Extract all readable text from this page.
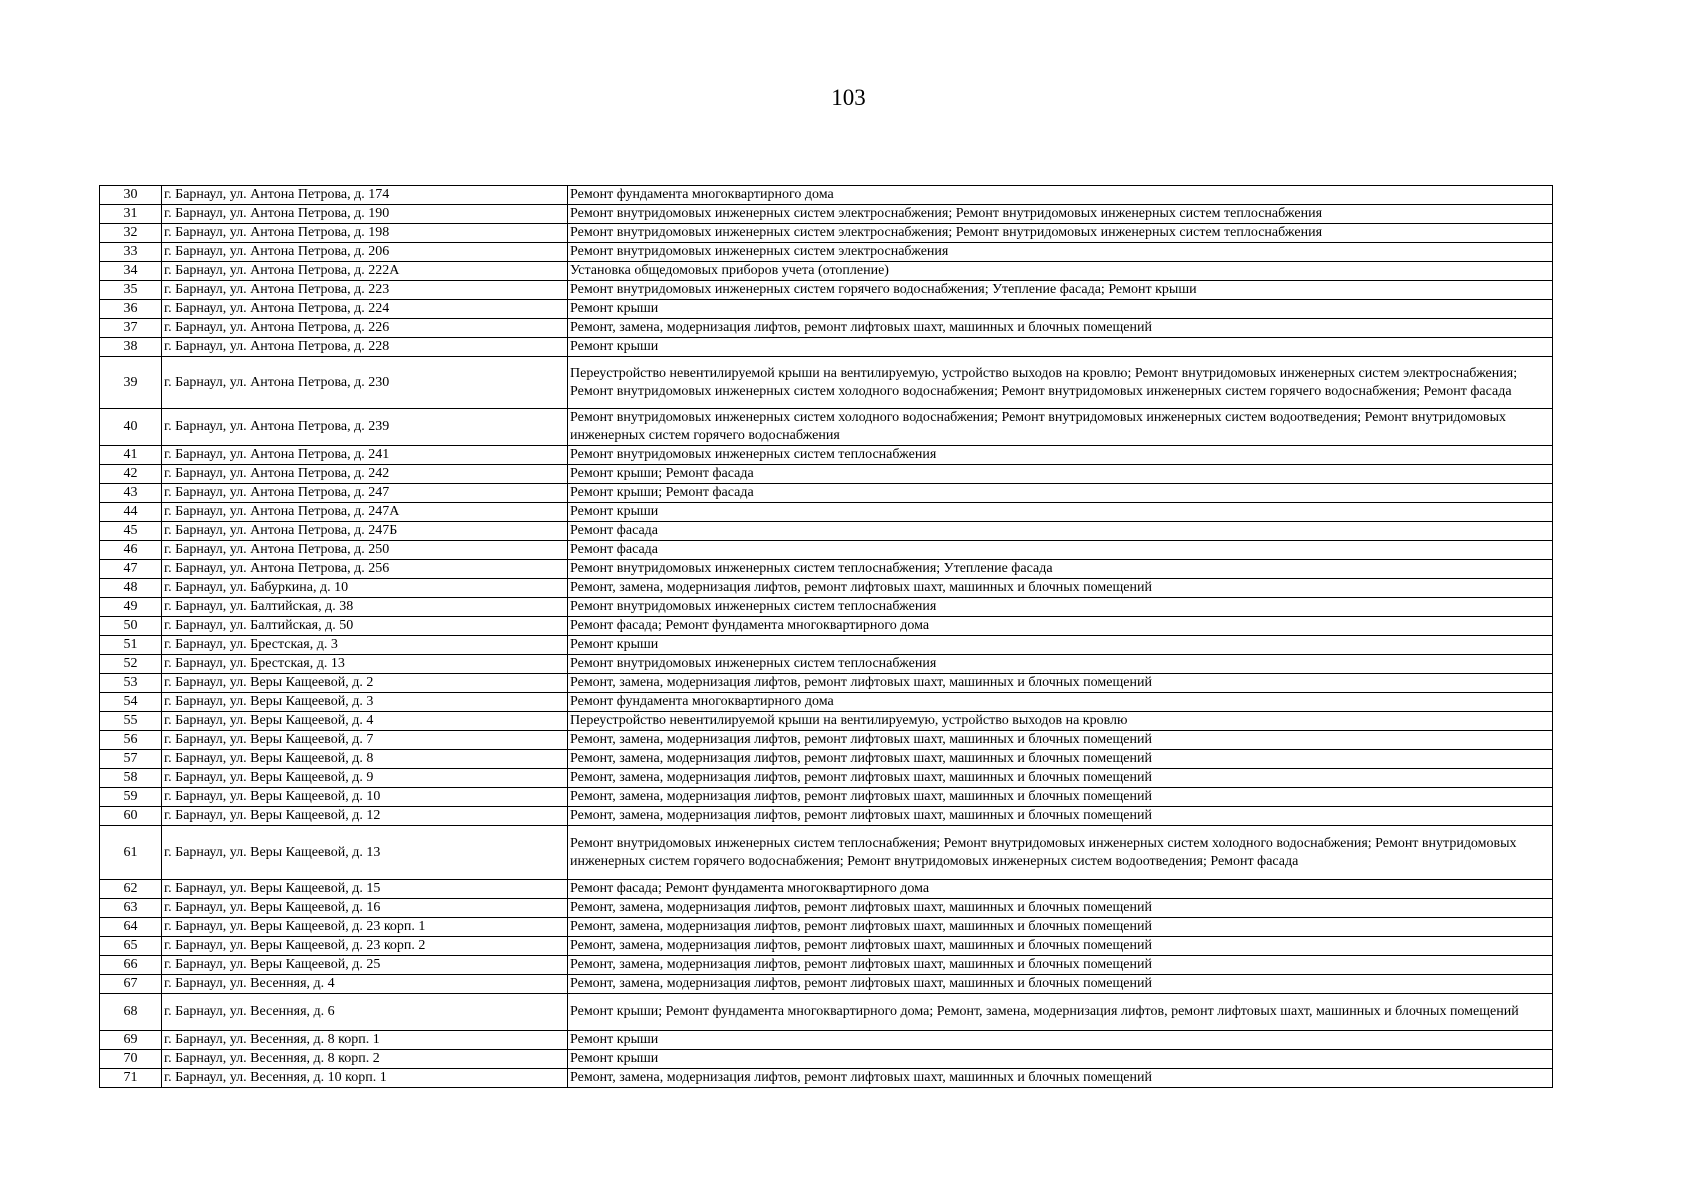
103
30	г. Барнаул, ул. Антона Петрова, д. 174	Ремонт фундамента многоквартирного дома
31	г. Барнаул, ул. Антона Петрова, д. 190	Ремонт внутридомовых инженерных систем электроснабжения; Ремонт внутридомовых инженерных систем теплоснабжения
32	г. Барнаул, ул. Антона Петрова, д. 198	Ремонт внутридомовых инженерных систем электроснабжения; Ремонт внутридомовых инженерных систем теплоснабжения
33	г. Барнаул, ул. Антона Петрова, д. 206	Ремонт внутридомовых инженерных систем электроснабжения
34	г. Барнаул, ул. Антона Петрова, д. 222А	Установка общедомовых приборов учета (отопление)
35	г. Барнаул, ул. Антона Петрова, д. 223	Ремонт внутридомовых инженерных систем горячего водоснабжения; Утепление фасада; Ремонт крыши
36	г. Барнаул, ул. Антона Петрова, д. 224	Ремонт крыши
37	г. Барнаул, ул. Антона Петрова, д. 226	Ремонт, замена, модернизация лифтов, ремонт лифтовых шахт, машинных и блочных помещений
38	г. Барнаул, ул. Антона Петрова, д. 228	Ремонт крыши
39	г. Барнаул, ул. Антона Петрова, д. 230	Переустройство невентилируемой крыши на вентилируемую, устройство выходов на кровлю; Ремонт внутридомовых инженерных систем электроснабжения; Ремонт внутридомовых инженерных систем холодного водоснабжения; Ремонт внутридомовых инженерных систем горячего водоснабжения; Ремонт фасада
40	г. Барнаул, ул. Антона Петрова, д. 239	Ремонт внутридомовых инженерных систем холодного водоснабжения; Ремонт внутридомовых инженерных систем водоотведения; Ремонт внутридомовых инженерных систем горячего водоснабжения
41	г. Барнаул, ул. Антона Петрова, д. 241	Ремонт внутридомовых инженерных систем теплоснабжения
42	г. Барнаул, ул. Антона Петрова, д. 242	Ремонт крыши; Ремонт фасада
43	г. Барнаул, ул. Антона Петрова, д. 247	Ремонт крыши; Ремонт фасада
44	г. Барнаул, ул. Антона Петрова, д. 247А	Ремонт крыши
45	г. Барнаул, ул. Антона Петрова, д. 247Б	Ремонт фасада
46	г. Барнаул, ул. Антона Петрова, д. 250	Ремонт фасада
47	г. Барнаул, ул. Антона Петрова, д. 256	Ремонт внутридомовых инженерных систем теплоснабжения; Утепление фасада
48	г. Барнаул, ул. Бабуркина, д. 10	Ремонт, замена, модернизация лифтов, ремонт лифтовых шахт, машинных и блочных помещений
49	г. Барнаул, ул. Балтийская, д. 38	Ремонт внутридомовых инженерных систем теплоснабжения
50	г. Барнаул, ул. Балтийская, д. 50	Ремонт фасада; Ремонт фундамента многоквартирного дома
51	г. Барнаул, ул. Брестская, д. 3	Ремонт крыши
52	г. Барнаул, ул. Брестская, д. 13	Ремонт внутридомовых инженерных систем теплоснабжения
53	г. Барнаул, ул. Веры Кащеевой, д. 2	Ремонт, замена, модернизация лифтов, ремонт лифтовых шахт, машинных и блочных помещений
54	г. Барнаул, ул. Веры Кащеевой, д. 3	Ремонт фундамента многоквартирного дома
55	г. Барнаул, ул. Веры Кащеевой, д. 4	Переустройство невентилируемой крыши на вентилируемую, устройство выходов на кровлю
56	г. Барнаул, ул. Веры Кащеевой, д. 7	Ремонт, замена, модернизация лифтов, ремонт лифтовых шахт, машинных и блочных помещений
57	г. Барнаул, ул. Веры Кащеевой, д. 8	Ремонт, замена, модернизация лифтов, ремонт лифтовых шахт, машинных и блочных помещений
58	г. Барнаул, ул. Веры Кащеевой, д. 9	Ремонт, замена, модернизация лифтов, ремонт лифтовых шахт, машинных и блочных помещений
59	г. Барнаул, ул. Веры Кащеевой, д. 10	Ремонт, замена, модернизация лифтов, ремонт лифтовых шахт, машинных и блочных помещений
60	г. Барнаул, ул. Веры Кащеевой, д. 12	Ремонт, замена, модернизация лифтов, ремонт лифтовых шахт, машинных и блочных помещений
61	г. Барнаул, ул. Веры Кащеевой, д. 13	Ремонт внутридомовых инженерных систем теплоснабжения; Ремонт внутридомовых инженерных систем холодного водоснабжения; Ремонт внутридомовых инженерных систем горячего водоснабжения; Ремонт внутридомовых инженерных систем водоотведения; Ремонт фасада
62	г. Барнаул, ул. Веры Кащеевой, д. 15	Ремонт фасада; Ремонт фундамента многоквартирного дома
63	г. Барнаул, ул. Веры Кащеевой, д. 16	Ремонт, замена, модернизация лифтов, ремонт лифтовых шахт, машинных и блочных помещений
64	г. Барнаул, ул. Веры Кащеевой, д. 23 корп. 1	Ремонт, замена, модернизация лифтов, ремонт лифтовых шахт, машинных и блочных помещений
65	г. Барнаул, ул. Веры Кащеевой, д. 23 корп. 2	Ремонт, замена, модернизация лифтов, ремонт лифтовых шахт, машинных и блочных помещений
66	г. Барнаул, ул. Веры Кащеевой, д. 25	Ремонт, замена, модернизация лифтов, ремонт лифтовых шахт, машинных и блочных помещений
67	г. Барнаул, ул. Весенняя, д. 4	Ремонт, замена, модернизация лифтов, ремонт лифтовых шахт, машинных и блочных помещений
68	г. Барнаул, ул. Весенняя, д. 6	Ремонт крыши; Ремонт фундамента многоквартирного дома; Ремонт, замена, модернизация лифтов, ремонт лифтовых шахт, машинных и блочных помещений
69	г. Барнаул, ул. Весенняя, д. 8 корп. 1	Ремонт крыши
70	г. Барнаул, ул. Весенняя, д. 8 корп. 2	Ремонт крыши
71	г. Барнаул, ул. Весенняя, д. 10 корп. 1	Ремонт, замена, модернизация лифтов, ремонт лифтовых шахт, машинных и блочных помещений
